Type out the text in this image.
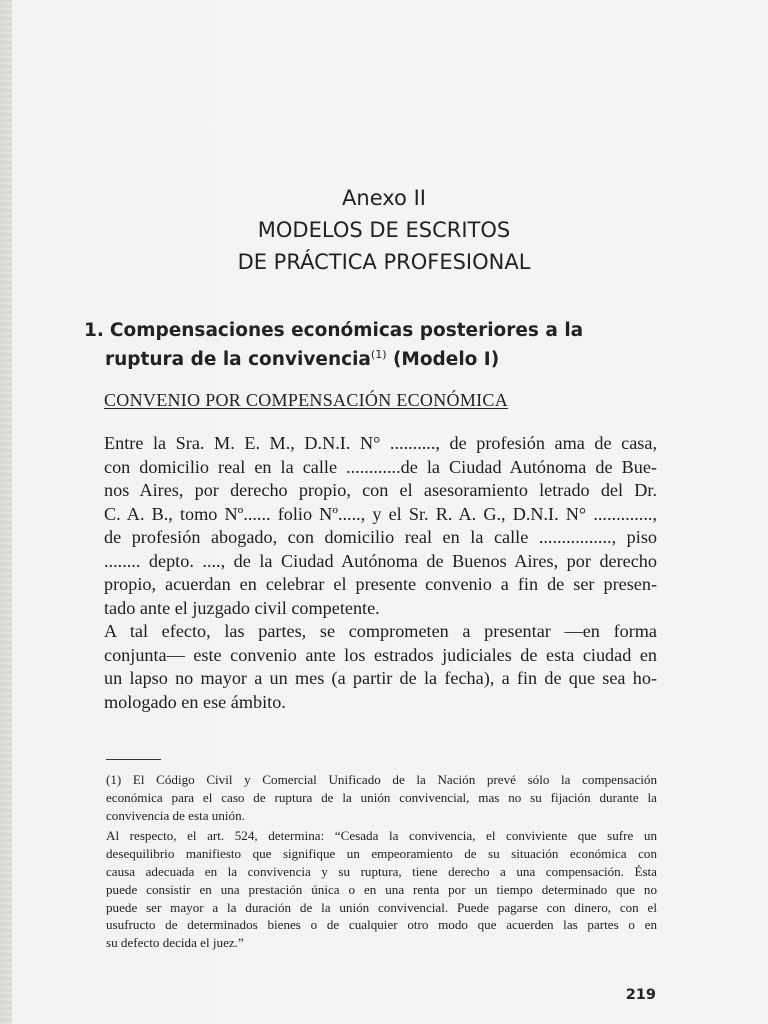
Anexo II
MODELOS DE ESCRITOS
DE PRÁCTICA PROFESIONAL
1. Compensaciones económicas posteriores a la
ruptura de la convivencia$^{(1)}$ (Modelo I)
CONVENIO POR COMPENSACIÓN ECONÓMICA
Entre la Sra. M. E. M., D.N.I. N° .........., de profesión ama de casa,
con domicilio real en la calle ............de la Ciudad Autónoma de Bue-
nos Aires, por derecho propio, con el asesoramiento letrado del Dr.
C. A. B., tomo Nº...... folio Nº....., y el Sr. R. A. G., D.N.I. N° .............,
de profesión abogado, con domicilio real en la calle ................, piso
........ depto. ...., de la Ciudad Autónoma de Buenos Aires, por derecho
propio, acuerdan en celebrar el presente convenio a fin de ser presen-
tado ante el juzgado civil competente.
A tal efecto, las partes, se comprometen a presentar —en forma
conjunta— este convenio ante los estrados judiciales de esta ciudad en
un lapso no mayor a un mes (a partir de la fecha), a fin de que sea ho-
mologado en ese ámbito.
(1) El Código Civil y Comercial Unificado de la Nación prevé sólo la compensación
económica para el caso de ruptura de la unión convivencial, mas no su fijación durante la
convivencia de esta unión.
Al respecto, el art. 524, determina: “Cesada la convivencia, el conviviente que sufre un
desequilibrio manifiesto que signifique un empeoramiento de su situación económica con
causa adecuada en la convivencia y su ruptura, tiene derecho a una compensación. Ésta
puede consistir en una prestación única o en una renta por un tiempo determinado que no
puede ser mayor a la duración de la unión convivencial. Puede pagarse con dinero, con el
usufructo de determinados bienes o de cualquier otro modo que acuerden las partes o en
su defecto decida el juez.”
219
